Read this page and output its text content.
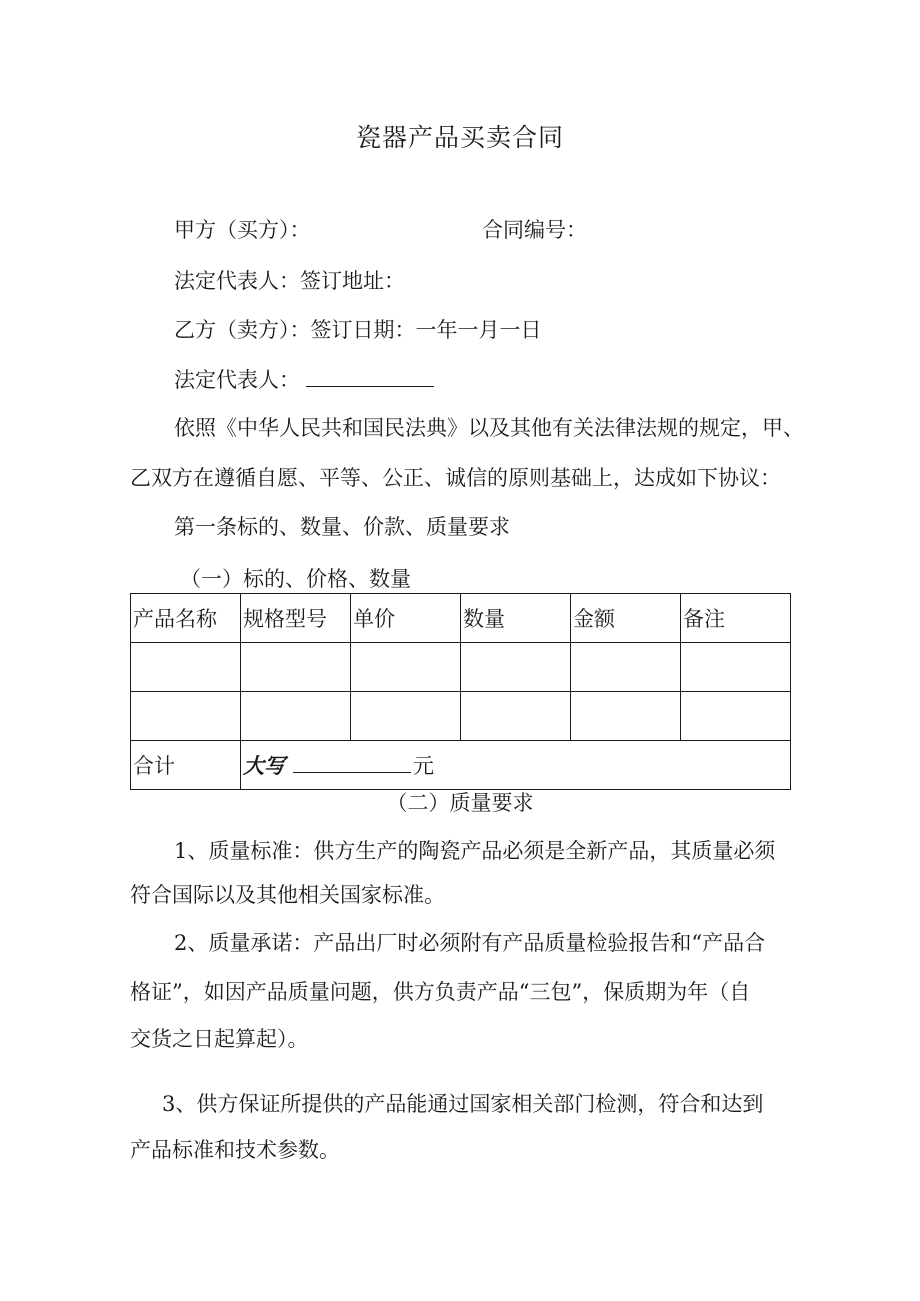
瓷器产品买卖合同
甲方（买方）：	合同编号：
法定代表人：签订地址：
乙方（卖方）：签订日期：一年一月一日
法定代表人：
依照《中华人民共和国民法典》以及其他有关法律法规的规定，甲、
乙双方在遵循自愿、平等、公正、诚信的原则基础上，达成如下协议：
第一条标的、数量、价款、质量要求
（一）标的、价格、数量
产品名称	规格型号	单价	数量	金额	备注

合计	大写 元				
（二）质量要求
1、质量标准：供方生产的陶瓷产品必须是全新产品，其质量必须
符合国际以及其他相关国家标准。
2、质量承诺：产品出厂时必须附有产品质量检验报告和“产品合
格证”，如因产品质量问题，供方负责产品“三包”，保质期为年（自
交货之日起算起）。
3、供方保证所提供的产品能通过国家相关部门检测，符合和达到
产品标准和技术参数。
